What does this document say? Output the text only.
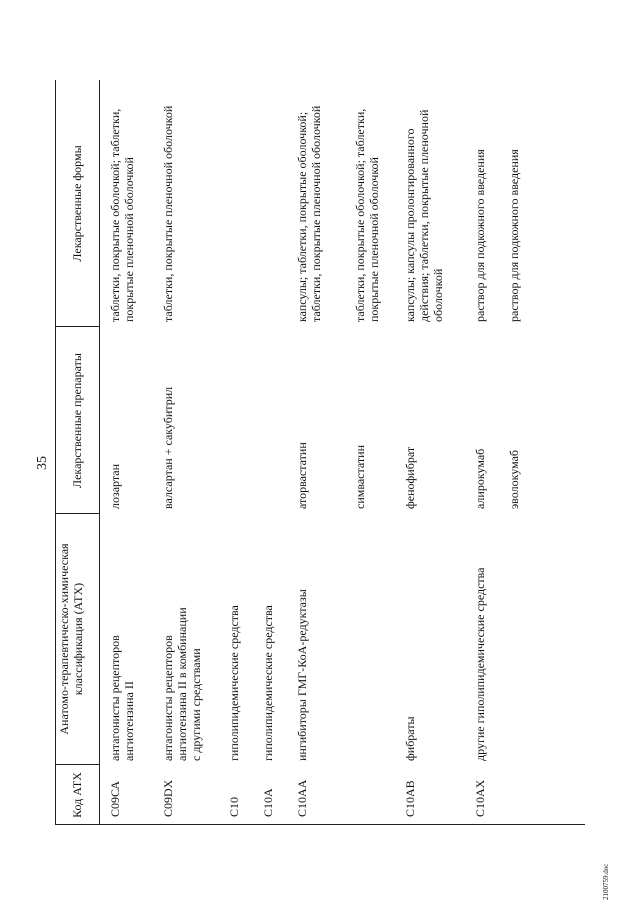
35
Код АТХ
Анатомо-терапевтическо-химическая классификация (АТХ)
Лекарственные препараты
Лекарственные формы
С09СА
антагонисты рецепторов ангиотензина II
лозартан
таблетки, покрытые оболочкой; таблетки, покрытые пленочной оболочкой
С09DX
антагонисты рецепторов ангиотензина II в комбинации с другими средствами
валсартан + сакубитрил
таблетки, покрытые пленочной оболочкой
С10
гиполипидемические средства
С10А
гиполипидемические средства
С10АА
ингибиторы ГМГ-КоА-редуктазы
аторвастатин
капсулы; таблетки, покрытые оболочкой; таблетки, покрытые пленочной оболочкой
симвастатин
таблетки, покрытые оболочкой; таблетки, покрытые пленочной оболочкой
С10АВ
фибраты
фенофибрат
капсулы; капсулы пролонгированного действия; таблетки, покрытые пленочной оболочкой
С10АХ
другие гиполипидемические средства
алирокумаб
раствор для подкожного введения
эволокумаб
раствор для подкожного введения
2100759.doc
